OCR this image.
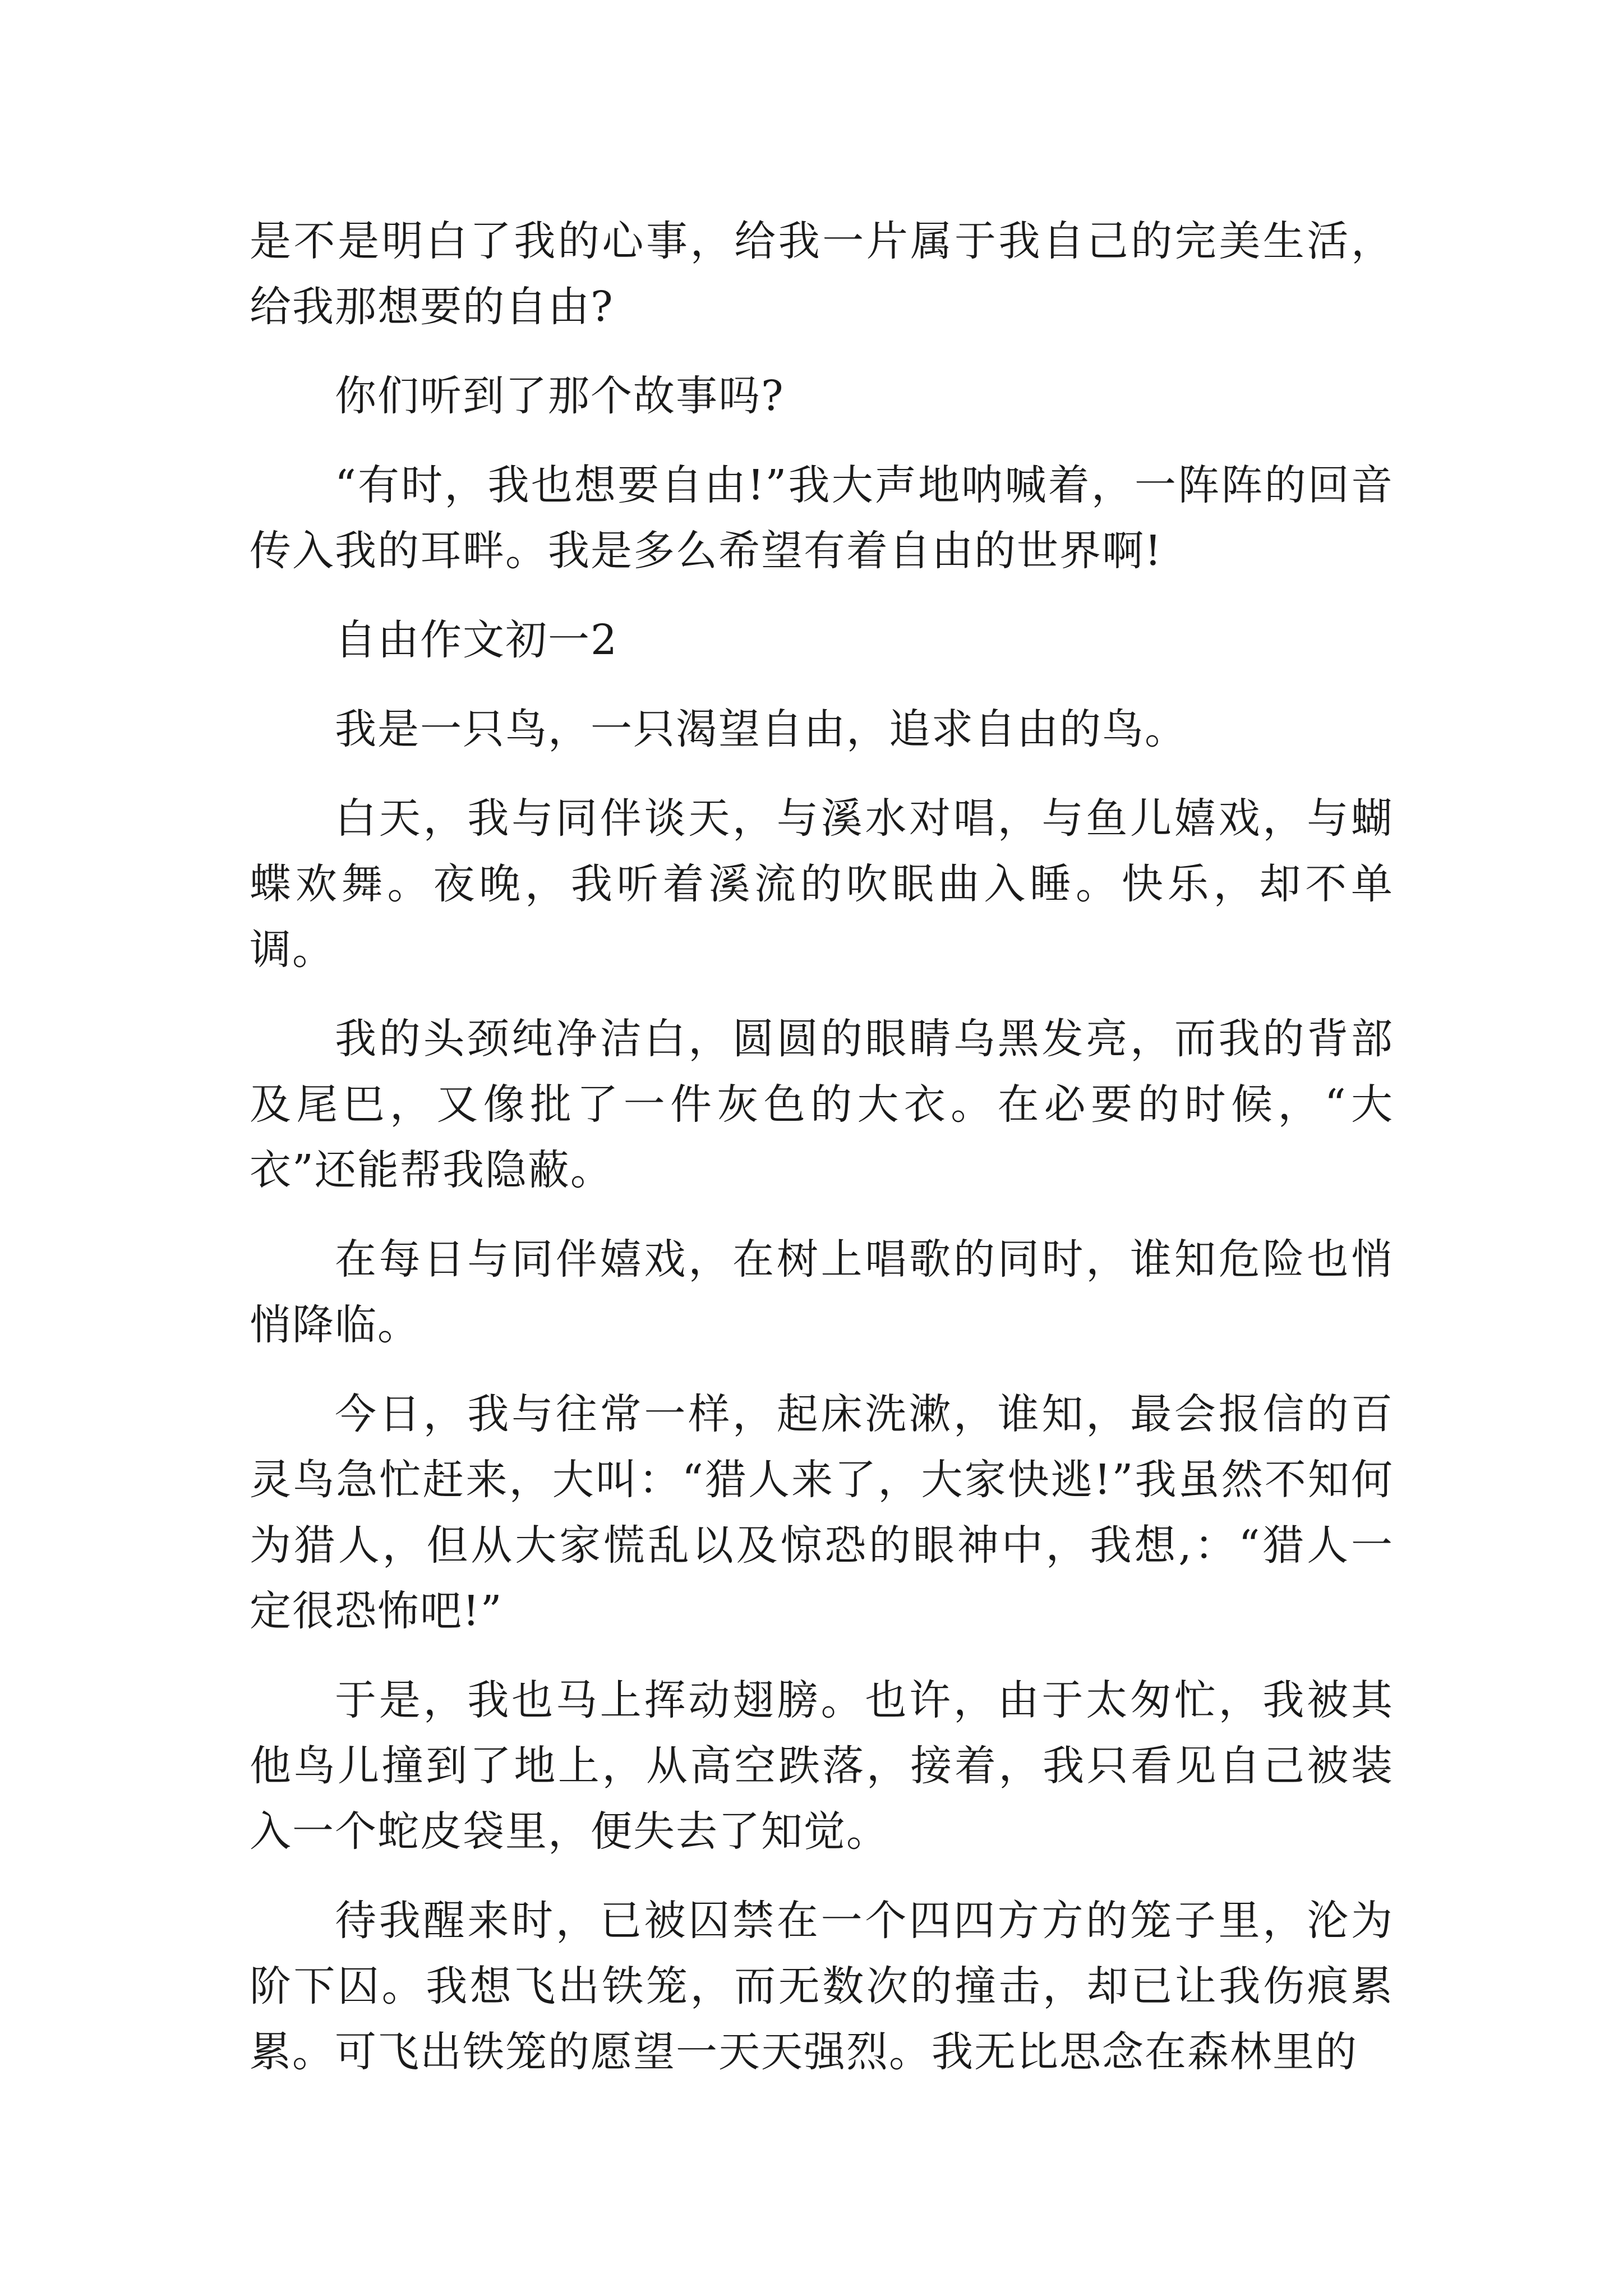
是不是明白了我的心事，给我一片属于我自己的完美生活，给我那想要的自由?

你们听到了那个故事吗?

“有时，我也想要自由!”我大声地呐喊着，一阵阵的回音传入我的耳畔。我是多么希望有着自由的世界啊!

自由作文初一2

我是一只鸟，一只渴望自由，追求自由的鸟。

白天，我与同伴谈天，与溪水对唱，与鱼儿嬉戏，与蝴蝶欢舞。夜晚，我听着溪流的吹眠曲入睡。快乐，却不单调。

我的头颈纯净洁白，圆圆的眼睛乌黑发亮，而我的背部及尾巴，又像批了一件灰色的大衣。在必要的时候，“大衣”还能帮我隐蔽。

在每日与同伴嬉戏，在树上唱歌的同时，谁知危险也悄悄降临。

今日，我与往常一样，起床洗漱，谁知，最会报信的百灵鸟急忙赶来，大叫：“猎人来了，大家快逃!”我虽然不知何为猎人，但从大家慌乱以及惊恐的眼神中，我想,：“猎人一定很恐怖吧!”

于是，我也马上挥动翅膀。也许，由于太匆忙，我被其他鸟儿撞到了地上，从高空跌落，接着，我只看见自己被装入一个蛇皮袋里，便失去了知觉。

待我醒来时，已被囚禁在一个四四方方的笼子里，沦为阶下囚。我想飞出铁笼，而无数次的撞击，却已让我伤痕累累。可飞出铁笼的愿望一天天强烈。我无比思念在森林里的
